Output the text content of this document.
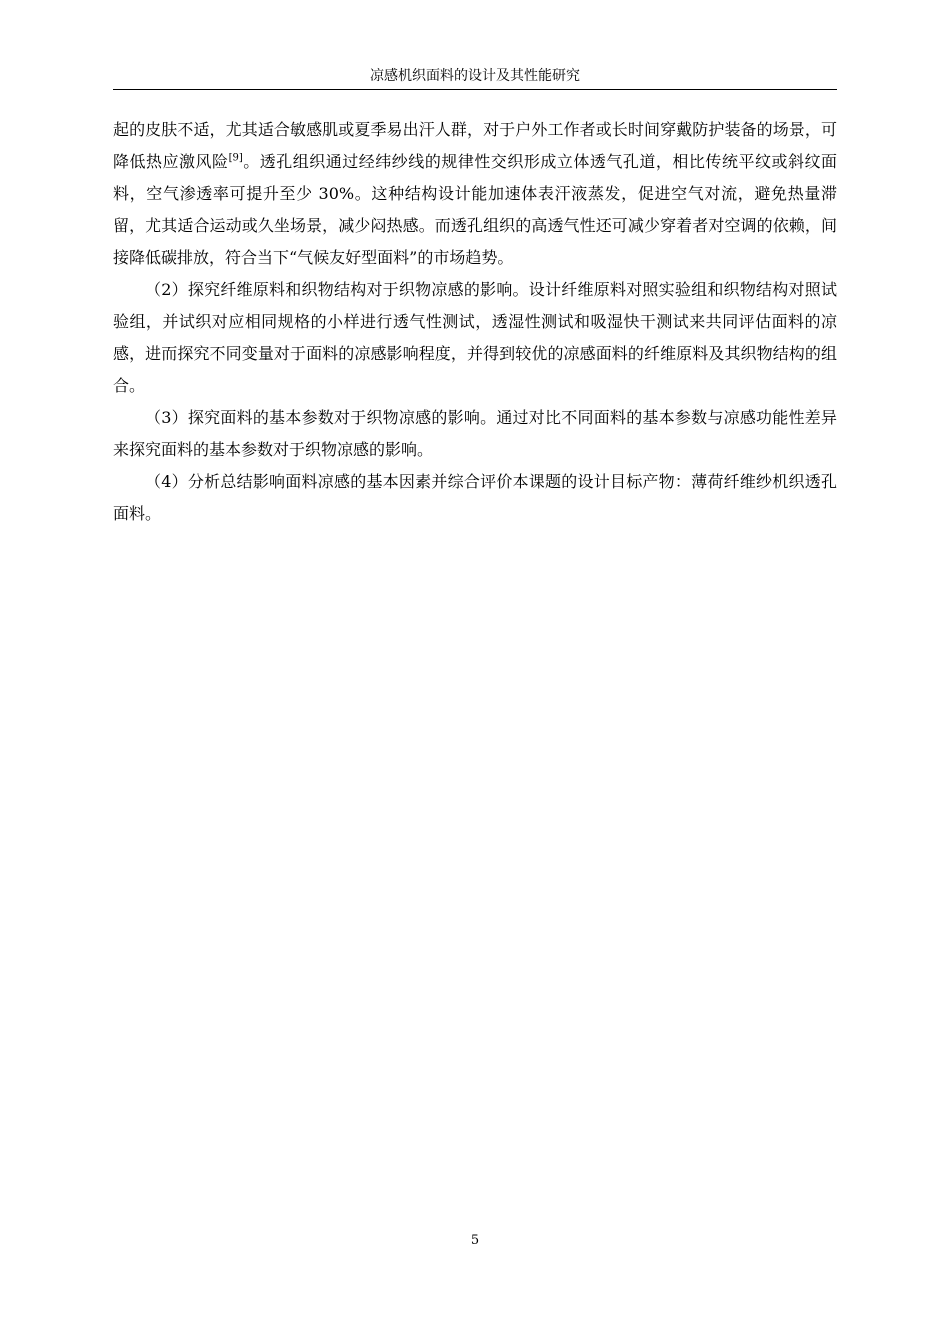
凉感机织面料的设计及其性能研究

起的皮肤不适，尤其适合敏感肌或夏季易出汗人群，对于户外工作者或长时间穿戴防护装备的场景，可降低热应激风险[9]。透孔组织通过经纬纱线的规律性交织形成立体透气孔道，相比传统平纹或斜纹面料，空气渗透率可提升至少 30%。这种结构设计能加速体表汗液蒸发，促进空气对流，避免热量滞留，尤其适合运动或久坐场景，减少闷热感。而透孔组织的高透气性还可减少穿着者对空调的依赖，间接降低碳排放，符合当下“气候友好型面料”的市场趋势。

（2）探究纤维原料和织物结构对于织物凉感的影响。设计纤维原料对照实验组和织物结构对照试验组，并试织对应相同规格的小样进行透气性测试，透湿性测试和吸湿快干测试来共同评估面料的凉感，进而探究不同变量对于面料的凉感影响程度，并得到较优的凉感面料的纤维原料及其织物结构的组合。

（3）探究面料的基本参数对于织物凉感的影响。通过对比不同面料的基本参数与凉感功能性差异来探究面料的基本参数对于织物凉感的影响。

（4）分析总结影响面料凉感的基本因素并综合评价本课题的设计目标产物：薄荷纤维纱机织透孔面料。

5
